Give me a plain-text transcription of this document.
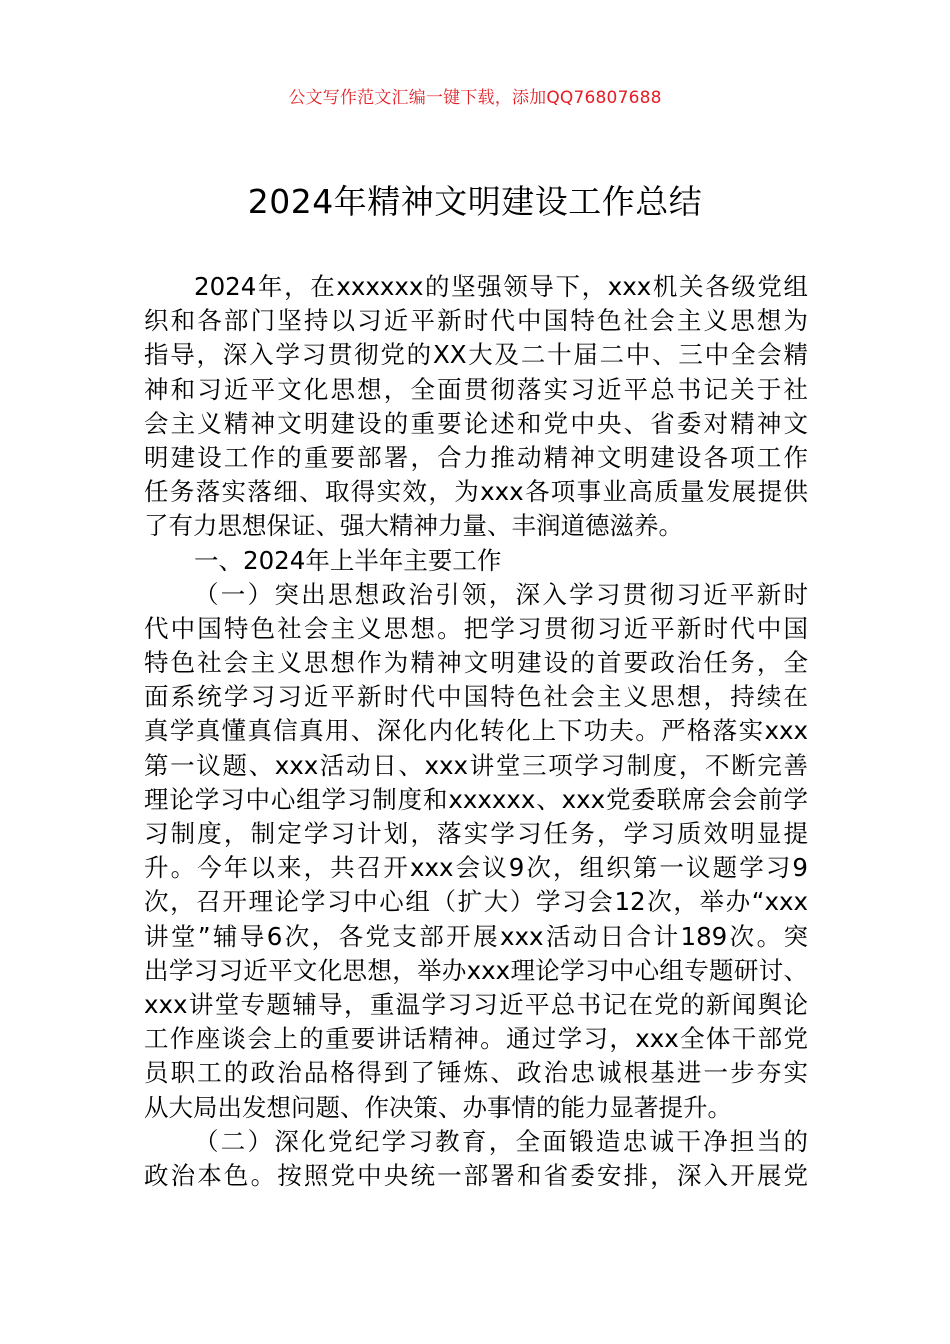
公文写作范文汇编一键下载，添加QQ76807688
2024年精神文明建设工作总结
2024年，在xxxxxx的坚强领导下，xxx机关各级党组
织和各部门坚持以习近平新时代中国特色社会主义思想为
指导，深入学习贯彻党的XX大及二十届二中、三中全会精
神和习近平文化思想，全面贯彻落实习近平总书记关于社
会主义精神文明建设的重要论述和党中央、省委对精神文
明建设工作的重要部署，合力推动精神文明建设各项工作
任务落实落细、取得实效，为xxx各项事业高质量发展提供
了有力思想保证、强大精神力量、丰润道德滋养。
一、2024年上半年主要工作
（一）突出思想政治引领，深入学习贯彻习近平新时
代中国特色社会主义思想。把学习贯彻习近平新时代中国
特色社会主义思想作为精神文明建设的首要政治任务，全
面系统学习习近平新时代中国特色社会主义思想，持续在
真学真懂真信真用、深化内化转化上下功夫。严格落实xxx
第一议题、xxx活动日、xxx讲堂三项学习制度，不断完善
理论学习中心组学习制度和xxxxxx、xxx党委联席会会前学
习制度，制定学习计划，落实学习任务，学习质效明显提
升。今年以来，共召开xxx会议9次，组织第一议题学习9
次，召开理论学习中心组（扩大）学习会12次，举办“xxx
讲堂”辅导6次，各党支部开展xxx活动日合计189次。突
出学习习近平文化思想，举办xxx理论学习中心组专题研讨、
xxx讲堂专题辅导，重温学习习近平总书记在党的新闻舆论
工作座谈会上的重要讲话精神。通过学习，xxx全体干部党
员职工的政治品格得到了锤炼、政治忠诚根基进一步夯实
从大局出发想问题、作决策、办事情的能力显著提升。
（二）深化党纪学习教育，全面锻造忠诚干净担当的
政治本色。按照党中央统一部署和省委安排，深入开展党
